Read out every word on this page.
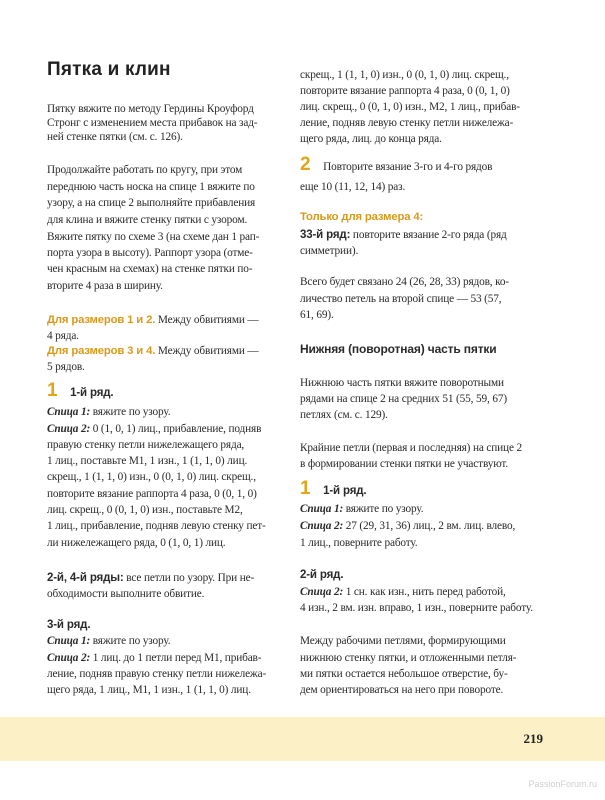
Пятка и клин
Пятку вяжите по методу Гердины Кроуфорд
Стронг с изменением места прибавок на зад-
ней стенке пятки (см. с. 126).
Продолжайте работать по кругу, при этом
переднюю часть носка на спице 1 вяжите по
узору, а на спице 2 выполняйте прибавления
для клина и вяжите стенку пятки с узором.
Вяжите пятку по схеме 3 (на схеме дан 1 рап-
порта узора в высоту). Раппорт узора (отме-
чен красным на схемах) на стенке пятки по-
вторите 4 раза в ширину.
Для размеров 1 и 2. Между обвитиями —
4 ряда.
Для размеров 3 и 4. Между обвитиями —
5 рядов.
1 1-й ряд.
Спица 1: вяжите по узору.
Спица 2: 0 (1, 0, 1) лиц., прибавление, подняв
правую стенку петли нижележащего ряда,
1 лиц., поставьте М1, 1 изн., 1 (1, 1, 0) лиц.
скрещ., 1 (1, 1, 0) изн., 0 (0, 1, 0) лиц. скрещ.,
повторите вязание раппорта 4 раза, 0 (0, 1, 0)
лиц. скрещ., 0 (0, 1, 0) изн., поставьте М2,
1 лиц., прибавление, подняв левую стенку пет-
ли нижележащего ряда, 0 (1, 0, 1) лиц.
2-й, 4-й ряды: все петли по узору. При не-
обходимости выполните обвитие.
3-й ряд.
Спица 1: вяжите по узору.
Спица 2: 1 лиц. до 1 петли перед М1, прибав-
ление, подняв правую стенку петли нижележа-
щего ряда, 1 лиц., М1, 1 изн., 1 (1, 1, 0) лиц.
скрещ., 1 (1, 1, 0) изн., 0 (0, 1, 0) лиц. скрещ.,
повторите вязание раппорта 4 раза, 0 (0, 1, 0)
лиц. скрещ., 0 (0, 1, 0) изн., М2, 1 лиц., прибав-
ление, подняв левую стенку петли нижележа-
щего ряда, лиц. до конца ряда.
2 Повторите вязание 3-го и 4-го рядов
еще 10 (11, 12, 14) раз.
Только для размера 4:
33-й ряд: повторите вязание 2-го ряда (ряд
симметрии).
Всего будет связано 24 (26, 28, 33) рядов, ко-
личество петель на второй спице — 53 (57,
61, 69).
Нижняя (поворотная) часть пятки
Нижнюю часть пятки вяжите поворотными
рядами на спице 2 на средних 51 (55, 59, 67)
петлях (см. с. 129).
Крайние петли (первая и последняя) на спице 2
в формировании стенки пятки не участвуют.
1 1-й ряд.
Спица 1: вяжите по узору.
Спица 2: 27 (29, 31, 36) лиц., 2 вм. лиц. влево,
1 лиц., поверните работу.
2-й ряд.
Спица 2: 1 сн. как изн., нить перед работой,
4 изн., 2 вм. изн. вправо, 1 изн., поверните работу.
Между рабочими петлями, формирующими
нижнюю стенку пятки, и отложенными петля-
ми пятки остается небольшое отверстие, бу-
дем ориентироваться на него при повороте.
219
PassionForum.ru
